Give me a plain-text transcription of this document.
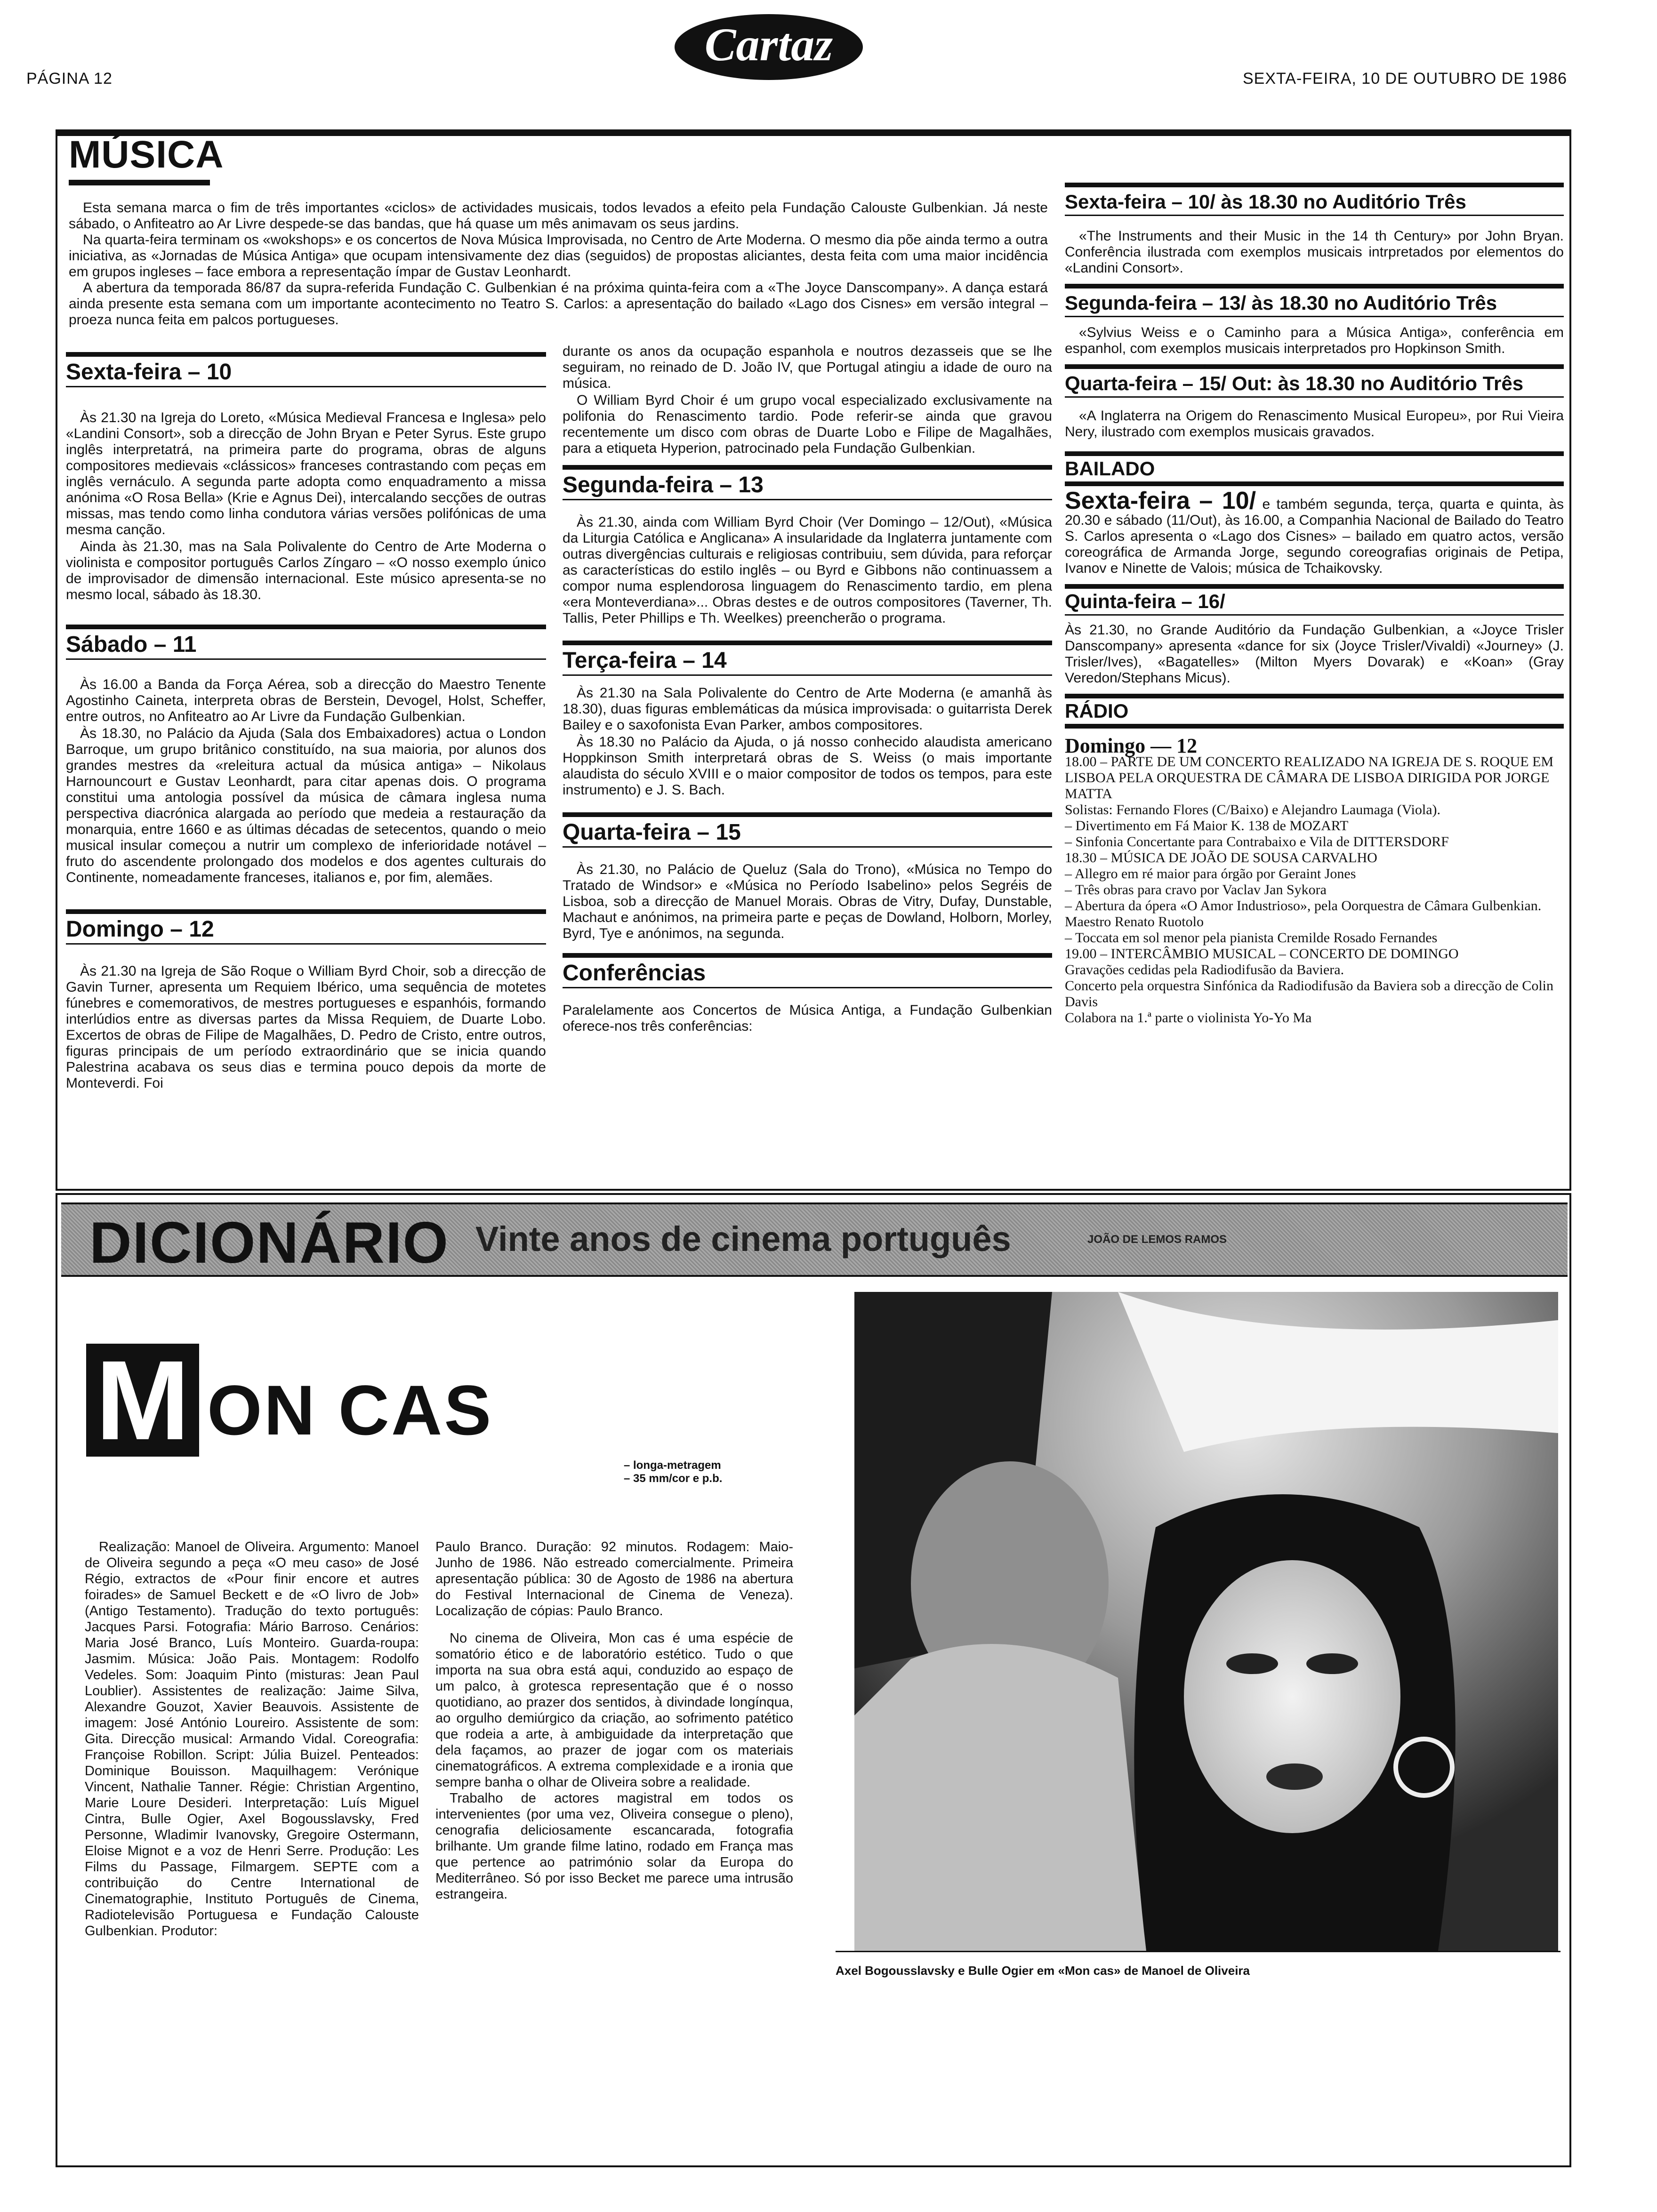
PÁGINA 12
Cartaz
SEXTA-FEIRA, 10 DE OUTUBRO DE 1986
MÚSICA

Esta semana marca o fim de três importantes «ciclos» de actividades musicais, todos levados a efeito pela Fundação Calouste Gulbenkian. Já neste sábado, o Anfiteatro ao Ar Livre despede-se das bandas, que há quase um mês animavam os seus jardins.

Na quarta-feira terminam os «wokshops» e os concertos de Nova Música Improvisada, no Centro de Arte Moderna. O mesmo dia põe ainda termo a outra iniciativa, as «Jornadas de Música Antiga» que ocupam intensivamente dez dias (seguidos) de propostas aliciantes, desta feita com uma maior incidência em grupos ingleses – face embora a representação ímpar de Gustav Leonhardt.

A abertura da temporada 86/87 da supra-referida Fundação C. Gulbenkian é na próxima quinta-feira com a «The Joyce Danscompany». A dança estará ainda presente esta semana com um importante acontecimento no Teatro S. Carlos: a apresentação do bailado «Lago dos Cisnes» em versão integral – proeza nunca feita em palcos portugueses.

Sexta-feira – 10

Às 21.30 na Igreja do Loreto, «Música Medieval Francesa e Inglesa» pelo «Landini Consort», sob a direcção de John Bryan e Peter Syrus. Este grupo inglês interpretatrá, na primeira parte do programa, obras de alguns compositores medievais «clássicos» franceses contrastando com peças em inglês vernáculo. A segunda parte adopta como enquadramento a missa anónima «O Rosa Bella» (Krie e Agnus Dei), intercalando secções de outras missas, mas tendo como linha condutora várias versões polifónicas de uma mesma canção.

Ainda às 21.30, mas na Sala Polivalente do Centro de Arte Moderna o violinista e compositor português Carlos Zíngaro – «O nosso exemplo único de improvisador de dimensão internacional. Este músico apresenta-se no mesmo local, sábado às 18.30.

Sábado – 11

Às 16.00 a Banda da Força Aérea, sob a direcção do Maestro Tenente Agostinho Caineta, interpreta obras de Berstein, Devogel, Holst, Scheffer, entre outros, no Anfiteatro ao Ar Livre da Fundação Gulbenkian.

Às 18.30, no Palácio da Ajuda (Sala dos Embaixadores) actua o London Barroque, um grupo britânico constituído, na sua maioria, por alunos dos grandes mestres da «releitura actual da música antiga» – Nikolaus Harnouncourt e Gustav Leonhardt, para citar apenas dois. O programa constitui uma antologia possível da música de câmara inglesa numa perspectiva diacrónica alargada ao período que medeia a restauração da monarquia, entre 1660 e as últimas décadas de setecentos, quando o meio musical insular começou a nutrir um complexo de inferioridade notável – fruto do ascendente prolongado dos modelos e dos agentes culturais do Continente, nomeadamente franceses, italianos e, por fim, alemães.

Domingo – 12

Às 21.30 na Igreja de São Roque o William Byrd Choir, sob a direcção de Gavin Turner, apresenta um Requiem Ibérico, uma sequência de motetes fúnebres e comemorativos, de mestres portugueses e espanhóis, formando interlúdios entre as diversas partes da Missa Requiem, de Duarte Lobo. Excertos de obras de Filipe de Magalhães, D. Pedro de Cristo, entre outros, figuras principais de um período extraordinário que se inicia quando Palestrina acabava os seus dias e termina pouco depois da morte de Monteverdi. Foi

durante os anos da ocupação espanhola e noutros dezasseis que se lhe seguiram, no reinado de D. João IV, que Portugal atingiu a idade de ouro na música.

O William Byrd Choir é um grupo vocal especializado exclusivamente na polifonia do Renascimento tardio. Pode referir-se ainda que gravou recentemente um disco com obras de Duarte Lobo e Filipe de Magalhães, para a etiqueta Hyperion, patrocinado pela Fundação Gulbenkian.

Segunda-feira – 13

Às 21.30, ainda com William Byrd Choir (Ver Domingo – 12/Out), «Música da Liturgia Católica e Anglicana» A insularidade da Inglaterra juntamente com outras divergências culturais e religiosas contribuiu, sem dúvida, para reforçar as características do estilo inglês – ou Byrd e Gibbons não continuassem a compor numa esplendorosa linguagem do Renascimento tardio, em plena «era Monteverdiana»... Obras destes e de outros compositores (Taverner, Th. Tallis, Peter Phillips e Th. Weelkes) preencherão o programa.

Terça-feira – 14

Às 21.30 na Sala Polivalente do Centro de Arte Moderna (e amanhã às 18.30), duas figuras emblemáticas da música improvisada: o guitarrista Derek Bailey e o saxofonista Evan Parker, ambos compositores.

Às 18.30 no Palácio da Ajuda, o já nosso conhecido alaudista americano Hoppkinson Smith interpretará obras de S. Weiss (o mais importante alaudista do século XVIII e o maior compositor de todos os tempos, para este instrumento) e J. S. Bach.

Quarta-feira – 15

Às 21.30, no Palácio de Queluz (Sala do Trono), «Música no Tempo do Tratado de Windsor» e «Música no Período Isabelino» pelos Segréis de Lisboa, sob a direcção de Manuel Morais. Obras de Vitry, Dufay, Dunstable, Machaut e anónimos, na primeira parte e peças de Dowland, Holborn, Morley, Byrd, Tye e anónimos, na segunda.

Conferências

Paralelamente aos Concertos de Música Antiga, a Fundação Gulbenkian oferece-nos três conferências:

Sexta-feira – 10/ às 18.30 no Auditório Três

«The Instruments and their Music in the 14 th Century» por John Bryan. Conferência ilustrada com exemplos musicais intrpretados por elementos do «Landini Consort».

Segunda-feira – 13/ às 18.30 no Auditório Três

«Sylvius Weiss e o Caminho para a Música Antiga», conferência em espanhol, com exemplos musicais interpretados pro Hopkinson Smith.

Quarta-feira – 15/ Out: às 18.30 no Auditório Três

«A Inglaterra na Origem do Renascimento Musical Europeu», por Rui Vieira Nery, ilustrado com exemplos musicais gravados.

BAILADO

Sexta-feira – 10/ e também segunda, terça, quarta e quinta, às 20.30 e sábado (11/Out), às 16.00, a Companhia Nacional de Bailado do Teatro S. Carlos apresenta o «Lago dos Cisnes» – bailado em quatro actos, versão coreográfica de Armanda Jorge, segundo coreografias originais de Petipa, Ivanov e Ninette de Valois; música de Tchaikovsky.

Quinta-feira – 16/

Às 21.30, no Grande Auditório da Fundação Gulbenkian, a «Joyce Trisler Danscompany» apresenta «dance for six (Joyce Trisler/Vivaldi) «Journey» (J. Trisler/Ives), «Bagatelles» (Milton Myers Dovarak) e «Koan» (Gray Veredon/Stephans Micus).

RÁDIO
Domingo — 12
18.00 – PARTE DE UM CONCERTO REALIZADO NA IGREJA DE S. ROQUE EM LISBOA PELA ORQUESTRA DE CÂMARA DE LISBOA DIRIGIDA POR JORGE MATTA
Solistas: Fernando Flores (C/Baixo) e Alejandro Laumaga (Viola).
– Divertimento em Fá Maior K. 138 de MOZART
– Sinfonia Concertante para Contrabaixo e Vila de DITTERSDORF
18.30 – MÚSICA DE JOÃO DE SOUSA CARVALHO
– Allegro em ré maior para órgão por Geraint Jones
– Três obras para cravo por Vaclav Jan Sykora
– Abertura da ópera «O Amor Industrioso», pela Oorquestra de Câmara Gulbenkian. Maestro Renato Ruotolo
– Toccata em sol menor pela pianista Cremilde Rosado Fernandes
19.00 – INTERCÂMBIO MUSICAL – CONCERTO DE DOMINGO
Gravações cedidas pela Radiodifusão da Baviera.
Concerto pela orquestra Sinfónica da Radiodifusão da Baviera sob a direcção de Colin Davis
Colabora na 1.ª parte o violinista Yo-Yo Ma
DICIONÁRIO Vinte anos de cinema português	JOÃO DE LEMOS RAMOS
M ON CAS
– longa-metragem
– 35 mm/cor e p.b.

Realização: Manoel de Oliveira. Argumento: Manoel de Oliveira segundo a peça «O meu caso» de José Régio, extractos de «Pour finir encore et autres foirades» de Samuel Beckett e de «O livro de Job» (Antigo Testamento). Tradução do texto português: Jacques Parsi. Fotografia: Mário Barroso. Cenários: Maria José Branco, Luís Monteiro. Guarda-roupa: Jasmim. Música: João Pais. Montagem: Rodolfo Vedeles. Som: Joaquim Pinto (misturas: Jean Paul Loublier). Assistentes de realização: Jaime Silva, Alexandre Gouzot, Xavier Beauvois. Assistente de imagem: José António Loureiro. Assistente de som: Gita. Direcção musical: Armando Vidal. Coreografia: Françoise Robillon. Script: Júlia Buizel. Penteados: Dominique Bouisson. Maquilhagem: Verónique Vincent, Nathalie Tanner. Régie: Christian Argentino, Marie Loure Desideri. Interpretação: Luís Miguel Cintra, Bulle Ogier, Axel Bogousslavsky, Fred Personne, Wladimir Ivanovsky, Gregoire Ostermann, Eloise Mignot e a voz de Henri Serre. Produção: Les Films du Passage, Filmargem. SEPTE com a contribuição do Centre International de Cinematographie, Instituto Português de Cinema, Radiotelevisão Portuguesa e Fundação Calouste Gulbenkian. Produtor:

Paulo Branco. Duração: 92 minutos. Rodagem: Maio-Junho de 1986. Não estreado comercialmente. Primeira apresentação pública: 30 de Agosto de 1986 na abertura do Festival Internacional de Cinema de Veneza). Localização de cópias: Paulo Branco.

No cinema de Oliveira, Mon cas é uma espécie de somatório ético e de laboratório estético. Tudo o que importa na sua obra está aqui, conduzido ao espaço de um palco, à grotesca representação que é o nosso quotidiano, ao prazer dos sentidos, à divindade longínqua, ao orgulho demiúrgico da criação, ao sofrimento patético que rodeia a arte, à ambiguidade da interpretação que dela façamos, ao prazer de jogar com os materiais cinematográficos. A extrema complexidade e a ironia que sempre banha o olhar de Oliveira sobre a realidade.

Trabalho de actores magistral em todos os intervenientes (por uma vez, Oliveira consegue o pleno), cenografia deliciosamente escancarada, fotografia brilhante. Um grande filme latino, rodado em França mas que pertence ao património solar da Europa do Mediterrâneo. Só por isso Becket me parece uma intrusão estrangeira.

Axel Bogousslavsky e Bulle Ogier em «Mon cas» de Manoel de Oliveira
